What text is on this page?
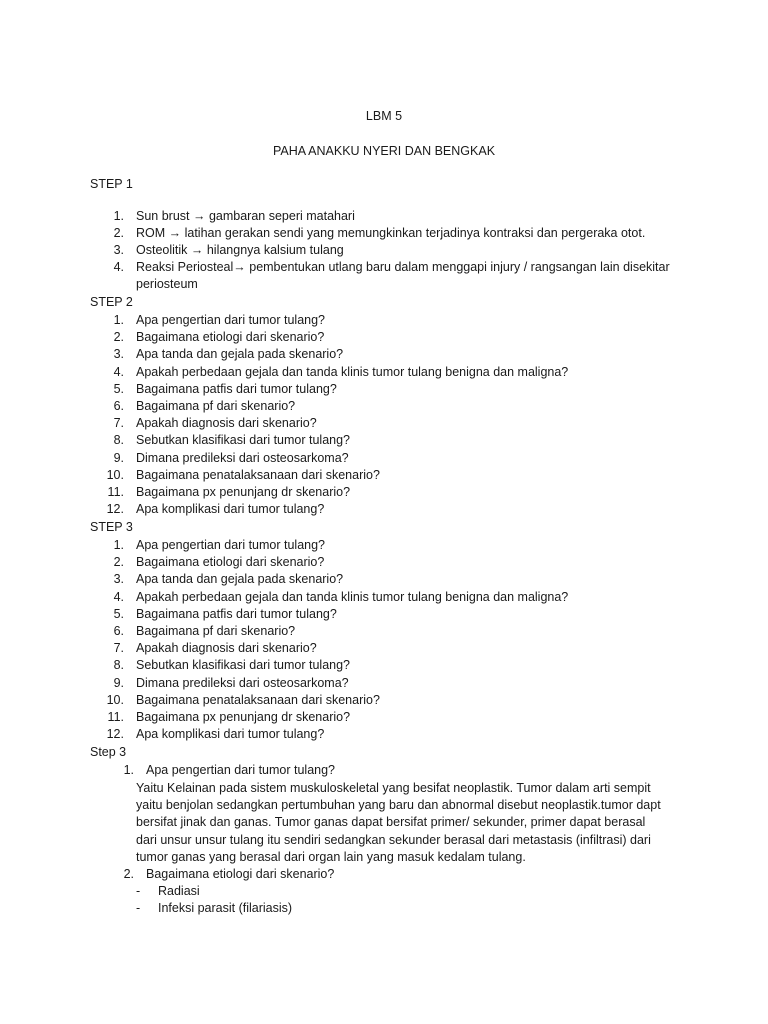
LBM 5
PAHA ANAKKU NYERI DAN BENGKAK
STEP 1
1. Sun brust → gambaran seperi matahari
2. ROM → latihan gerakan sendi yang memungkinkan terjadinya kontraksi dan pergeraka otot.
3. Osteolitik → hilangnya kalsium tulang
4. Reaksi Periosteal→ pembentukan utlang baru dalam menggapi injury / rangsangan lain disekitar
periosteum
STEP 2
1. Apa pengertian dari tumor tulang?
2. Bagaimana etiologi dari skenario?
3. Apa tanda dan gejala pada skenario?
4. Apakah perbedaan gejala dan tanda klinis tumor tulang benigna dan maligna?
5. Bagaimana patfis dari tumor tulang?
6. Bagaimana pf dari skenario?
7. Apakah diagnosis dari skenario?
8. Sebutkan klasifikasi dari tumor tulang?
9. Dimana predileksi dari osteosarkoma?
10. Bagaimana penatalaksanaan dari skenario?
11. Bagaimana px penunjang dr skenario?
12. Apa komplikasi dari tumor tulang?
STEP 3
1. Apa pengertian dari tumor tulang?
2. Bagaimana etiologi dari skenario?
3. Apa tanda dan gejala pada skenario?
4. Apakah perbedaan gejala dan tanda klinis tumor tulang benigna dan maligna?
5. Bagaimana patfis dari tumor tulang?
6. Bagaimana pf dari skenario?
7. Apakah diagnosis dari skenario?
8. Sebutkan klasifikasi dari tumor tulang?
9. Dimana predileksi dari osteosarkoma?
10. Bagaimana penatalaksanaan dari skenario?
11. Bagaimana px penunjang dr skenario?
12. Apa komplikasi dari tumor tulang?
Step 3
1. Apa pengertian dari tumor tulang?
Yaitu Kelainan pada sistem muskuloskeletal yang besifat neoplastik. Tumor dalam arti sempit
yaitu benjolan sedangkan pertumbuhan yang baru dan abnormal disebut neoplastik.tumor dapt
bersifat jinak dan ganas. Tumor ganas dapat bersifat primer/ sekunder, primer dapat berasal
dari unsur unsur tulang itu sendiri sedangkan sekunder berasal dari metastasis (infiltrasi) dari
tumor ganas yang berasal dari organ lain yang masuk kedalam tulang.
2. Bagaimana etiologi dari skenario?
- Radiasi
- Infeksi parasit (filariasis)
